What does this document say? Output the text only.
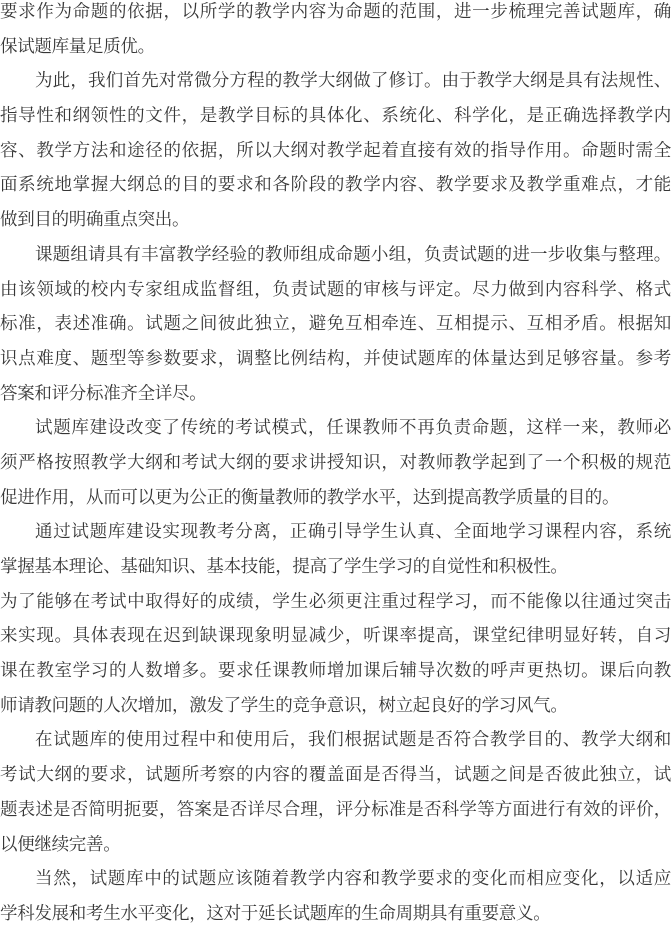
要求作为命题的依据，以所学的教学内容为命题的范围，进一步梳理完善试题库，确
保试题库量足质优。
为此，我们首先对常微分方程的教学大纲做了修订。由于教学大纲是具有法规性、
指导性和纲领性的文件，是教学目标的具体化、系统化、科学化，是正确选择教学内
容、教学方法和途径的依据，所以大纲对教学起着直接有效的指导作用。命题时需全
面系统地掌握大纲总的目的要求和各阶段的教学内容、教学要求及教学重难点，才能
做到目的明确重点突出。
课题组请具有丰富教学经验的教师组成命题小组，负责试题的进一步收集与整理。
由该领域的校内专家组成监督组，负责试题的审核与评定。尽力做到内容科学、格式
标准，表述准确。试题之间彼此独立，避免互相牵连、互相提示、互相矛盾。根据知
识点难度、题型等参数要求，调整比例结构，并使试题库的体量达到足够容量。参考
答案和评分标准齐全详尽。
试题库建设改变了传统的考试模式，任课教师不再负责命题，这样一来，教师必
须严格按照教学大纲和考试大纲的要求讲授知识，对教师教学起到了一个积极的规范
促进作用，从而可以更为公正的衡量教师的教学水平，达到提高教学质量的目的。
通过试题库建设实现教考分离，正确引导学生认真、全面地学习课程内容，系统
掌握基本理论、基础知识、基本技能，提高了学生学习的自觉性和积极性。
为了能够在考试中取得好的成绩，学生必须更注重过程学习，而不能像以往通过突击
来实现。具体表现在迟到缺课现象明显减少，听课率提高，课堂纪律明显好转，自习
课在教室学习的人数增多。要求任课教师增加课后辅导次数的呼声更热切。课后向教
师请教问题的人次增加，激发了学生的竞争意识，树立起良好的学习风气。
在试题库的使用过程中和使用后，我们根据试题是否符合教学目的、教学大纲和
考试大纲的要求，试题所考察的内容的覆盖面是否得当，试题之间是否彼此独立，试
题表述是否简明扼要，答案是否详尽合理，评分标准是否科学等方面进行有效的评价，
以便继续完善。
当然，试题库中的试题应该随着教学内容和教学要求的变化而相应变化，以适应
学科发展和考生水平变化，这对于延长试题库的生命周期具有重要意义。
